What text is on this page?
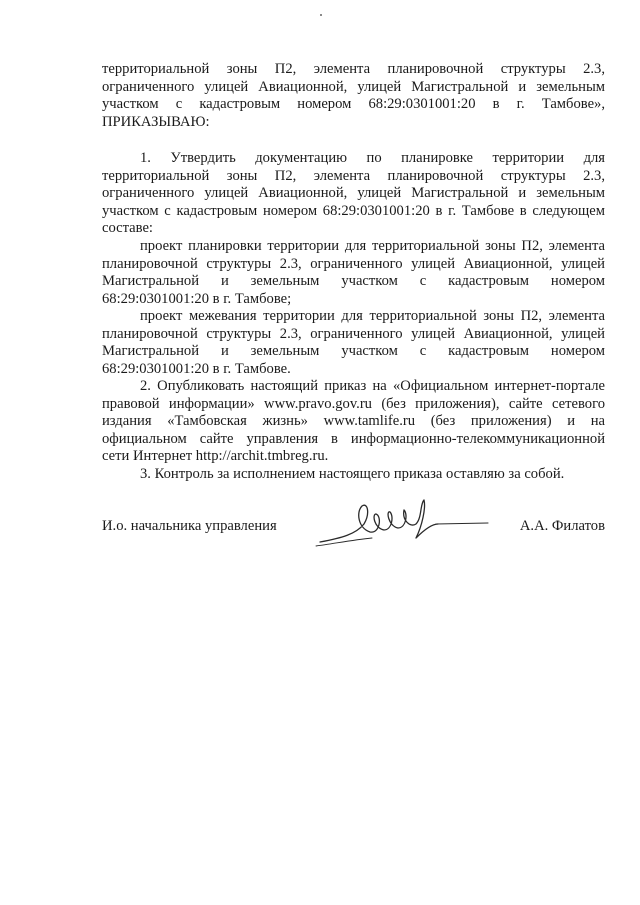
территориальной зоны П2, элемента планировочной структуры 2.3,
ограниченного улицей Авиационной, улицей Магистральной и земельным
участком с кадастровым номером 68:29:0301001:20 в г. Тамбове»,
ПРИКАЗЫВАЮ:
1. Утвердить документацию по планировке территории для
территориальной зоны П2, элемента планировочной структуры 2.3,
ограниченного улицей Авиационной, улицей Магистральной и земельным
участком с кадастровым номером 68:29:0301001:20 в г. Тамбове в следующем
составе:
проект планировки территории для территориальной зоны П2, элемента
планировочной структуры 2.3, ограниченного улицей Авиационной, улицей
Магистральной и земельным участком с кадастровым номером
68:29:0301001:20 в г. Тамбове;
проект межевания территории для территориальной зоны П2, элемента
планировочной структуры 2.3, ограниченного улицей Авиационной, улицей
Магистральной и земельным участком с кадастровым номером
68:29:0301001:20 в г. Тамбове.
2. Опубликовать настоящий приказ на «Официальном интернет-портале
правовой информации» www.pravo.gov.ru (без приложения), сайте сетевого
издания «Тамбовская жизнь» www.tamlife.ru (без приложения) и на
официальном сайте управления в информационно-телекоммуникационной
сети Интернет http://archit.tmbreg.ru.
3. Контроль за исполнением настоящего приказа оставляю за собой.
И.о. начальника управления	А.А. Филатов
